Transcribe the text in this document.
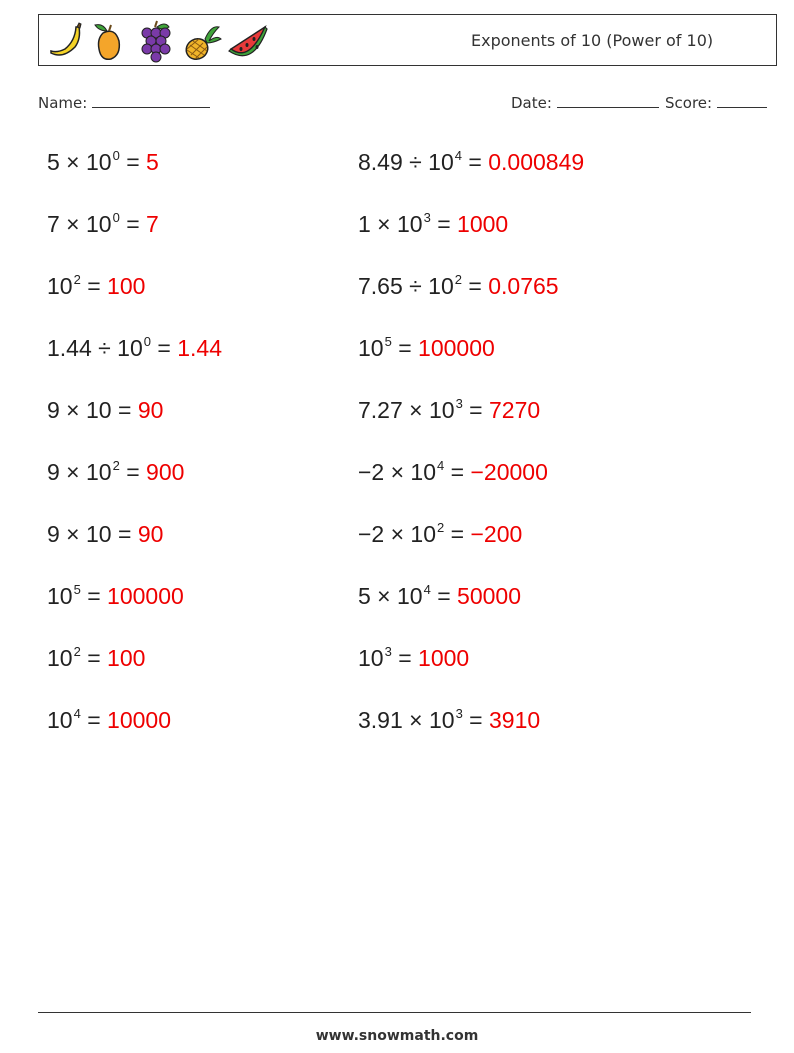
Exponents of 10 (Power of 10)
Name:	Date:	Score:
$5 \times 10^0 = 5$
$7 \times 10^0 = 7$
$10^2 = 100$
$1.44 \div 10^0 = 1.44$
9 × 10 = 90
$9 \times 10^2 = 900$
9 × 10 = 90
$10^5 = 100000$
$10^2 = 100$
$10^4 = 10000$
$8.49 \div 10^4 = 0.000849$
$1 \times 10^3 = 1000$
$7.65 \div 10^2 = 0.0765$
$10^5 = 100000$
$7.27 \times 10^3 = 7270$
$-2 \times 10^4 = -20000$
$-2 \times 10^2 = -200$
$5 \times 10^4 = 50000$
$10^3 = 1000$
$3.91 \times 10^3 = 3910$
www.snowmath.com
